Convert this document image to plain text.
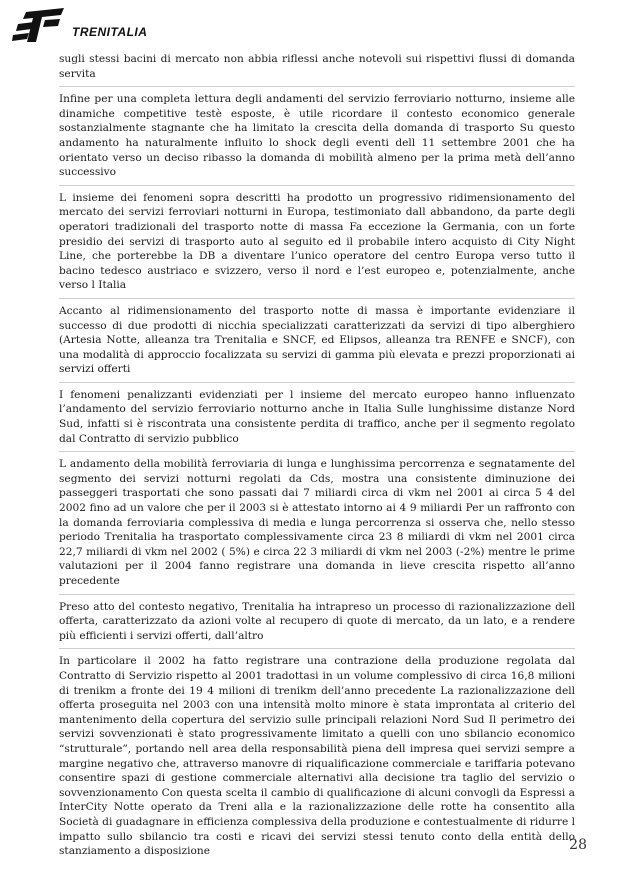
TRENITALIA

sugli stessi bacini di mercato non abbia riflessi anche notevoli sui rispettivi flussi di domanda servita

Infine per una completa lettura degli andamenti del servizio ferroviario notturno, insieme alle dinamiche competitive testè esposte, è utile ricordare il contesto economico generale sostanzialmente stagnante che ha limitato la crescita della domanda di trasporto Su questo andamento ha naturalmente influito lo shock degli eventi dell 11 settembre 2001 che ha orientato verso un deciso ribasso la domanda di mobilità almeno per la prima metà dell’anno successivo

L insieme dei fenomeni sopra descritti ha prodotto un progressivo ridimensionamento del mercato dei servizi ferroviari notturni in Europa, testimoniato dall abbandono, da parte degli operatori tradizionali del trasporto notte di massa Fa eccezione la Germania, con un forte presidio dei servizi di trasporto auto al seguito ed il probabile intero acquisto di City Night Line, che porterebbe la DB a diventare l’unico operatore del centro Europa verso tutto il bacino tedesco austriaco e svizzero, verso il nord e l’est europeo e, potenzialmente, anche verso l Italia

Accanto al ridimensionamento del trasporto notte di massa è importante evidenziare il successo di due prodotti di nicchia specializzati caratterizzati da servizi di tipo alberghiero (Artesia Notte, alleanza tra Trenitalia e SNCF, ed Elipsos, alleanza tra RENFE e SNCF), con una modalità di approccio focalizzata su servizi di gamma più elevata e prezzi proporzionati ai servizi offerti

I fenomeni penalizzanti evidenziati per l insieme del mercato europeo hanno influenzato l’andamento del servizio ferroviario notturno anche in Italia Sulle lunghissime distanze Nord Sud, infatti si è riscontrata una consistente perdita di traffico, anche per il segmento regolato dal Contratto di servizio pubblico

L andamento della mobilità ferroviaria di lunga e lunghissima percorrenza e segnatamente del segmento dei servizi notturni regolati da Cds, mostra una consistente diminuzione dei passeggeri trasportati che sono passati dai 7 miliardi circa di vkm nel 2001 ai circa 5 4 del 2002 fino ad un valore che per il 2003 si è attestato intorno ai 4 9 miliardi Per un raffronto con la domanda ferroviaria complessiva di media e lunga percorrenza si osserva che, nello stesso periodo Trenitalia ha trasportato complessivamente circa 23 8 miliardi di vkm nel 2001 circa 22,7 miliardi di vkm nel 2002 ( 5%) e circa 22 3 miliardi di vkm nel 2003 (-2%) mentre le prime valutazioni per il 2004 fanno registrare una domanda in lieve crescita rispetto all’anno precedente

Preso atto del contesto negativo, Trenitalia ha intrapreso un processo di razionalizzazione dell offerta, caratterizzato da azioni volte al recupero di quote di mercato, da un lato, e a rendere più efficienti i servizi offerti, dall’altro

In particolare il 2002 ha fatto registrare una contrazione della produzione regolata dal Contratto di Servizio rispetto al 2001 tradottasi in un volume complessivo di circa 16,8 milioni di trenikm a fronte dei 19 4 milioni di trenikm dell’anno precedente La razionalizzazione dell offerta proseguita nel 2003 con una intensità molto minore è stata improntata al criterio del mantenimento della copertura del servizio sulle principali relazioni Nord Sud Il perimetro dei servizi sovvenzionati è stato progressivamente limitato a quelli con uno sbilancio economico “strutturale”, portando nell area della responsabilità piena dell impresa quei servizi sempre a margine negativo che, attraverso manovre di riqualificazione commerciale e tariffaria potevano consentire spazi di gestione commerciale alternativi alla decisione tra taglio del servizio o sovvenzionamento Con questa scelta il cambio di qualificazione di alcuni convogli da Espressi a InterCity Notte operato da Treni alla e la razionalizzazione delle rotte ha consentito alla Società di guadagnare in efficienza complessiva della produzione e contestualmente di ridurre l impatto sullo sbilancio tra costi e ricavi dei servizi stessi tenuto conto della entità dello stanziamento a disposizione	28
